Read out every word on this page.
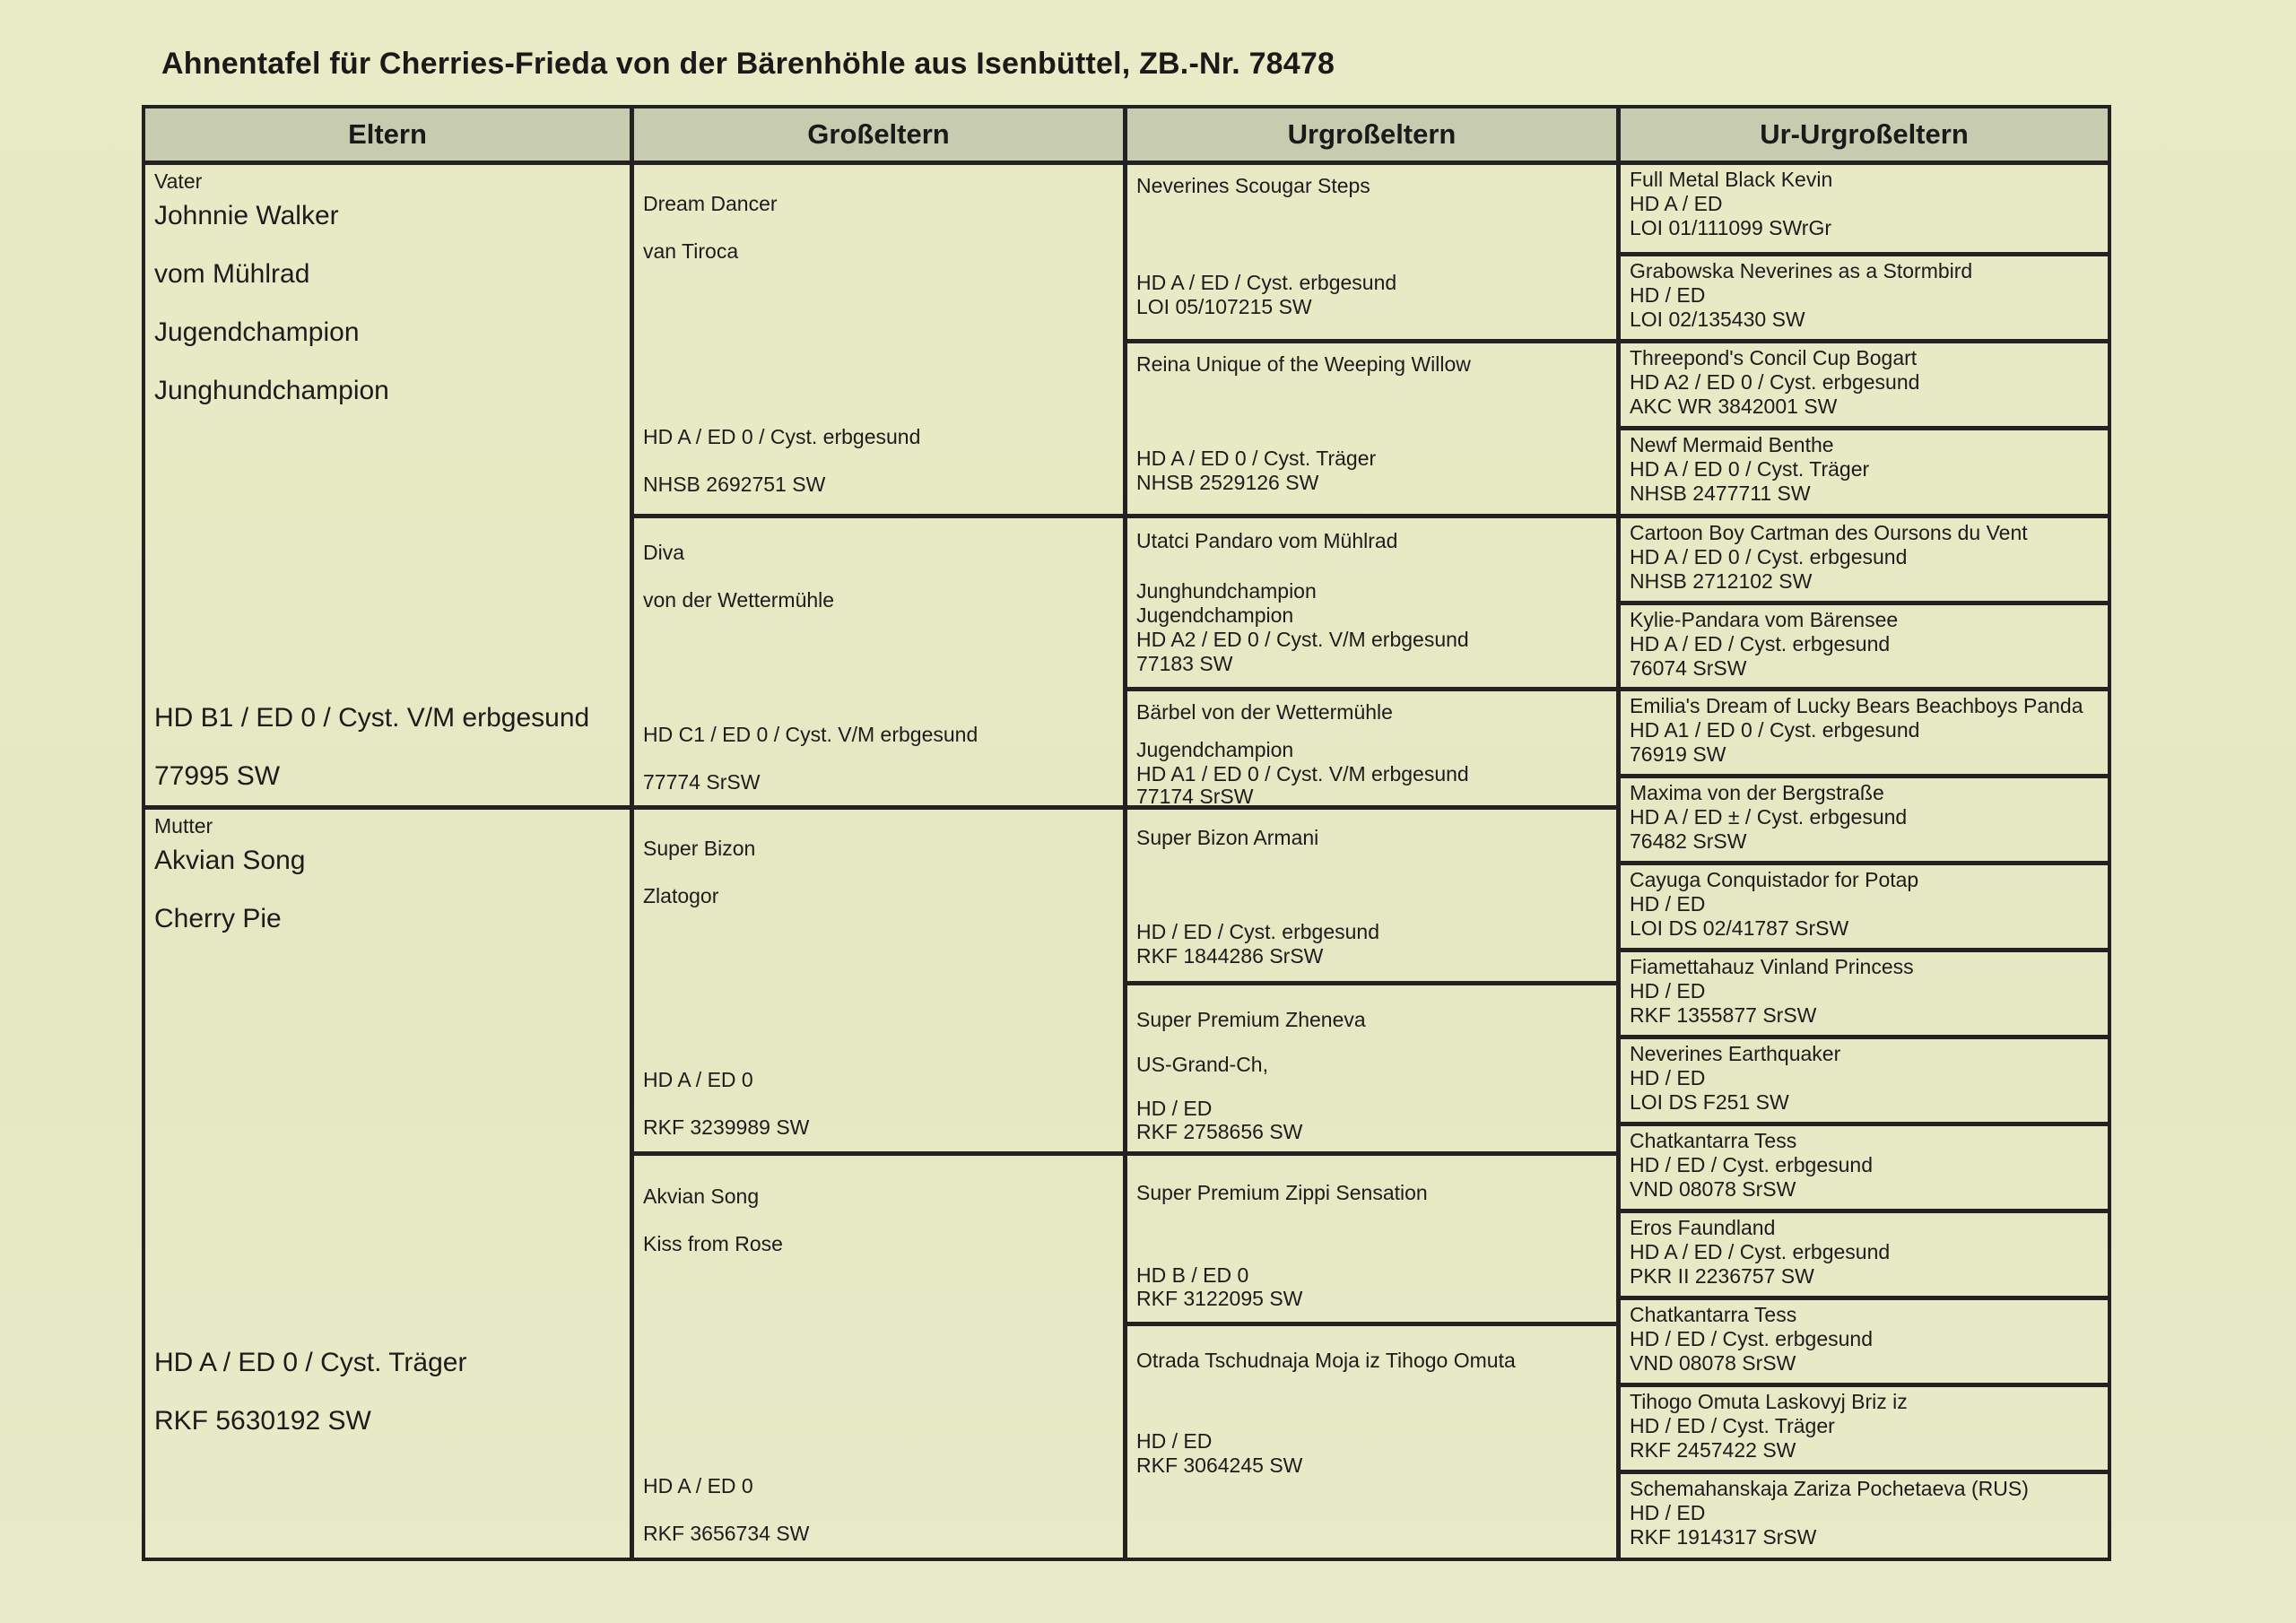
Ahnentafel für Cherries-Frieda von der Bärenhöhle aus Isenbüttel, ZB.-Nr. 78478
Eltern
Vater
Johnnie Walker
vom Mühlrad
Jugendchampion
Junghundchampion
HD B1 / ED 0 / Cyst. V/M erbgesund
77995 SW
Mutter
Akvian Song
Cherry Pie
HD A / ED 0 / Cyst. Träger
RKF 5630192 SW
Großeltern
Dream Dancer
van Tiroca
HD A / ED 0 / Cyst. erbgesund
NHSB 2692751 SW
Diva
von der Wettermühle
HD C1 / ED 0 / Cyst. V/M erbgesund
77774 SrSW
Super Bizon
Zlatogor
HD A / ED 0
RKF 3239989 SW
Akvian Song
Kiss from Rose
HD A / ED 0
RKF 3656734 SW
Urgroßeltern
Neverines Scougar Steps
HD A / ED / Cyst. erbgesund
LOI 05/107215 SW
Reina Unique of the Weeping Willow
HD A / ED 0 / Cyst. Träger
NHSB 2529126 SW
Utatci Pandaro vom Mühlrad
Junghundchampion
Jugendchampion
HD A2 / ED 0 / Cyst. V/M erbgesund
77183 SW
Bärbel von der Wettermühle
Jugendchampion
HD A1 / ED 0 / Cyst. V/M erbgesund
77174 SrSW
Super Bizon Armani
HD / ED / Cyst. erbgesund
RKF 1844286 SrSW
Super Premium Zheneva
US-Grand-Ch,
HD / ED
RKF 2758656 SW
Super Premium Zippi Sensation
HD B / ED 0
RKF 3122095 SW
Otrada Tschudnaja Moja iz Tihogo Omuta
HD / ED
RKF 3064245 SW
Ur-Urgroßeltern
Full Metal Black Kevin
HD A / ED
LOI 01/111099 SWrGr
Grabowska Neverines as a Stormbird
HD / ED
LOI 02/135430 SW
Threepond's Concil Cup Bogart
HD A2 / ED 0 / Cyst. erbgesund
AKC WR 3842001 SW
Newf Mermaid Benthe
HD A / ED 0 / Cyst. Träger
NHSB 2477711 SW
Cartoon Boy Cartman des Oursons du Vent
HD A / ED 0 / Cyst. erbgesund
NHSB 2712102 SW
Kylie-Pandara vom Bärensee
HD A / ED / Cyst. erbgesund
76074 SrSW
Emilia's Dream of Lucky Bears Beachboys Panda
HD A1 / ED 0 / Cyst. erbgesund
76919 SW
Maxima von der Bergstraße
HD A / ED ± / Cyst. erbgesund
76482 SrSW
Cayuga Conquistador for Potap
HD / ED
LOI DS 02/41787 SrSW
Fiamettahauz Vinland Princess
HD / ED
RKF 1355877 SrSW
Neverines Earthquaker
HD / ED
LOI DS F251 SW
Chatkantarra Tess
HD / ED / Cyst. erbgesund
VND 08078 SrSW
Eros Faundland
HD A / ED / Cyst. erbgesund
PKR II 2236757 SW
Chatkantarra Tess
HD / ED / Cyst. erbgesund
VND 08078 SrSW
Tihogo Omuta Laskovyj Briz iz
HD / ED / Cyst. Träger
RKF 2457422 SW
Schemahanskaja Zariza Pochetaeva (RUS)
HD / ED
RKF 1914317 SrSW
